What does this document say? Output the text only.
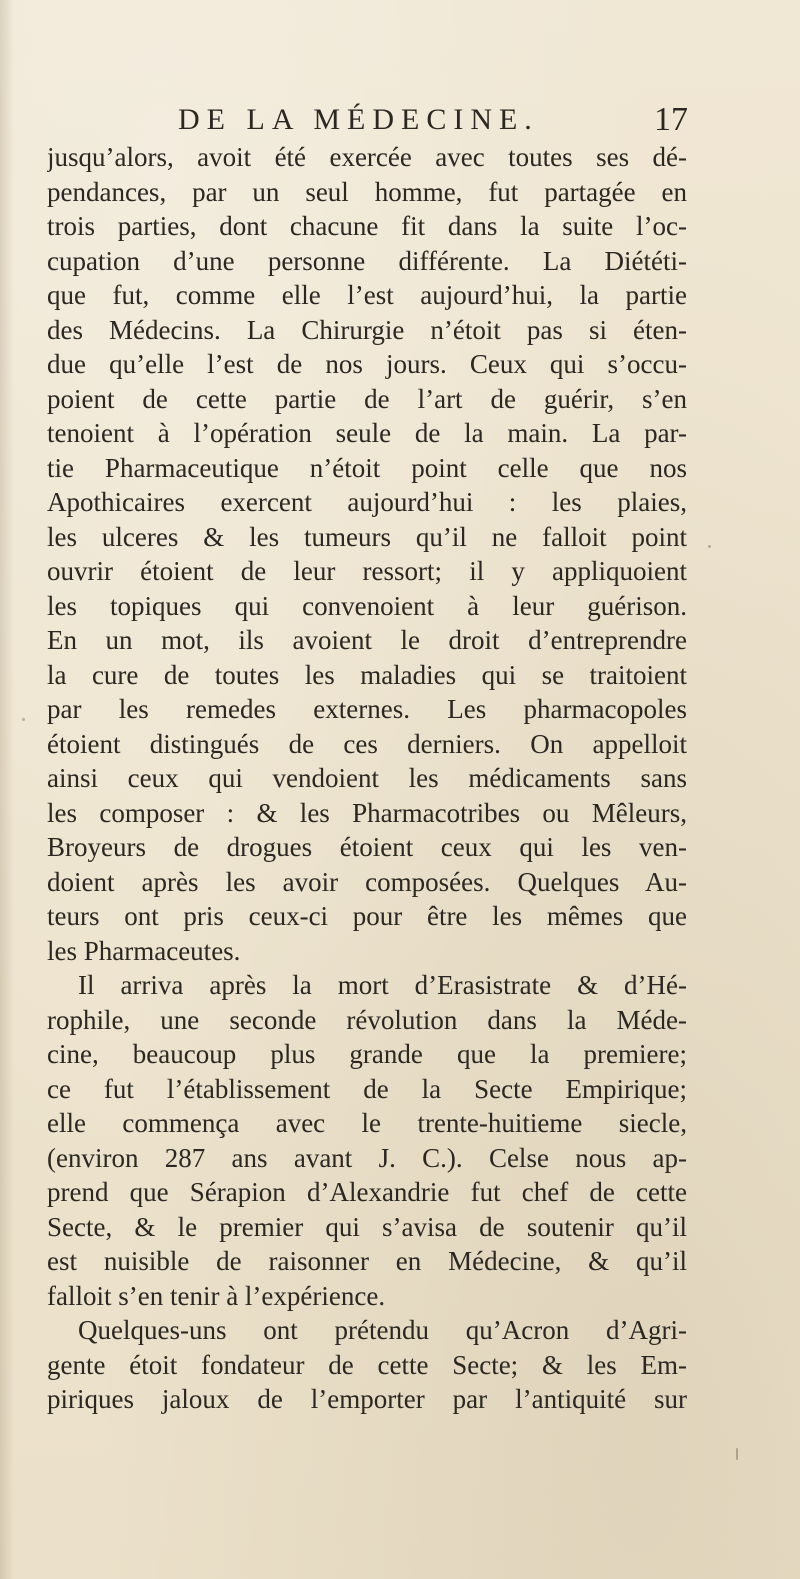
DE LA MÉDECINE.	17
jusqu’alors, avoit été exercée avec toutes ses dé-
pendances, par un seul homme, fut partagée en
trois parties, dont chacune fit dans la suite l’oc-
cupation d’une personne différente. La Diététi-
que fut, comme elle l’est aujourd’hui, la partie
des Médecins. La Chirurgie n’étoit pas si éten-
due qu’elle l’est de nos jours. Ceux qui s’occu-
poient de cette partie de l’art de guérir, s’en
tenoient à l’opération seule de la main. La par-
tie Pharmaceutique n’étoit point celle que nos
Apothicaires exercent aujourd’hui : les plaies,
les ulceres & les tumeurs qu’il ne falloit point
ouvrir étoient de leur ressort; il y appliquoient
les topiques qui convenoient à leur guérison.
En un mot, ils avoient le droit d’entreprendre
la cure de toutes les maladies qui se traitoient
par les remedes externes. Les pharmacopoles
étoient distingués de ces derniers. On appelloit
ainsi ceux qui vendoient les médicaments sans
les composer : & les Pharmacotribes ou Mêleurs,
Broyeurs de drogues étoient ceux qui les ven-
doient après les avoir composées. Quelques Au-
teurs ont pris ceux-ci pour être les mêmes que
les Pharmaceutes.
Il arriva après la mort d’Erasistrate & d’Hé-
rophile, une seconde révolution dans la Méde-
cine, beaucoup plus grande que la premiere;
ce fut l’établissement de la Secte Empirique;
elle commença avec le trente-huitieme siecle,
(environ 287 ans avant J. C.). Celse nous ap-
prend que Sérapion d’Alexandrie fut chef de cette
Secte, & le premier qui s’avisa de soutenir qu’il
est nuisible de raisonner en Médecine, & qu’il
falloit s’en tenir à l’expérience.
Quelques-uns ont prétendu qu’Acron d’Agri-
gente étoit fondateur de cette Secte; & les Em-
piriques jaloux de l’emporter par l’antiquité sur
